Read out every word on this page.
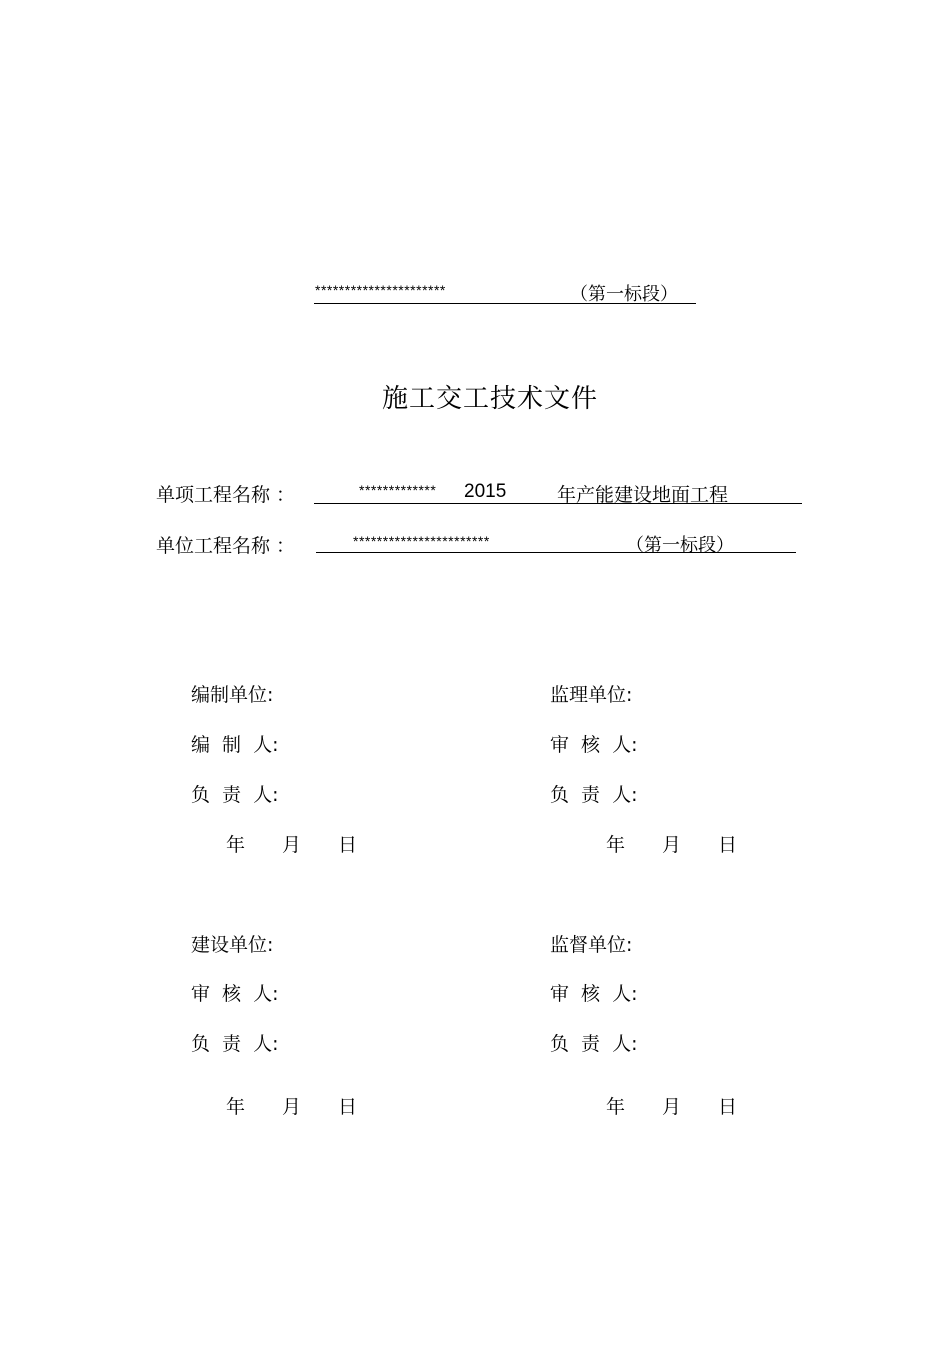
**********************	（第一标段）
施工交工技术文件
单项工程名称 ：	************* 2015	年产能建设地面工程
单位工程名称 ：	***********************	（第一标段）
编制单位:
编 制 人:
负 责 人:
年 月 日
监理单位:
审 核 人:
负 责 人:
年 月 日
建设单位:
审 核 人:
负 责 人:
年 月 日
监督单位:
审 核 人:
负 责 人:
年 月 日
